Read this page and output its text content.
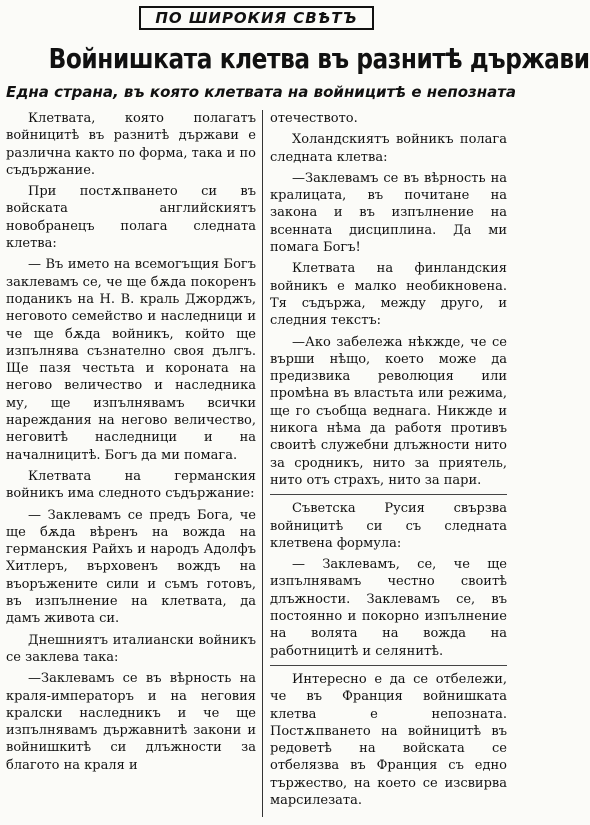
ПО ШИРОКИЯ СВѢТЪ
Войнишката клетва въ разнитѣ държави
Една страна, въ която клетвата на войницитѣ е непозната

Клетвата, която полагатъ войницитѣ въ разнитѣ държави е различна както по форма, така и по съдържание.

При постѫпването си въ войската английскиятъ новобранецъ полага следната клетва:

— Въ името на всемогъщия Богъ заклевамъ се, че ще бѫда покоренъ поданикъ на Н. В. краль Джорджъ, неговото семейство и наследници и че ще бѫда войникъ, който ще изпълнява съзнателно своя дългъ. Ще пазя честьта и короната на негово величество и наследника му, ще изпълнявамъ всички нареждания на негово величество, неговитѣ наследници и на началницитѣ. Богъ да ми помага.

Клетвата на германския войникъ има следното съдържание:

— Заклевамъ се предъ Бога, че ще бѫда вѣренъ на вожда на германския Райхъ и народъ Адолфъ Хитлеръ, върховенъ вождъ на въоръжените сили и съмъ готовъ, въ изпълнение на клетвата, да дамъ живота си.

Днешниятъ италиански войникъ се заклева така:

—Заклевамъ се въ вѣрность на краля-императоръ и на неговия кралски наследникъ и че ще изпълнявамъ държавнитѣ закони и войнишкитѣ си длъжности за благото на краля и

отечеството.

Холандскиятъ войникъ полага следната клетва:

—Заклевамъ се въ вѣрность на кралицата, въ почитане на закона и въ изпълнение на всенната дисциплина. Да ми помага Богъ!

Клетвата на финландския войникъ е малко необикновена. Тя съдържа, между друго, и следния текстъ:

—Ако забележа нѣкжде, че се върши нѣщо, което може да предизвика революция или промѣна въ властьта или режима, ще го съобща веднага. Никжде и никога нѣма да работя противъ своитѣ служебни длъжности нито за сродникъ, нито за приятель, нито отъ страхъ, нито за пари.

Съветска Русия свързва войницитѣ си съ следната клетвена формула:

— Заклевамъ, се, че ще изпълнявамъ честно своитѣ длъжности. Заклевамъ се, въ постоянно и покорно изпълнение на волята на вожда на работницитѣ и селянитѣ.

Интересно е да се отбележи, че въ Франция войнишката клетва е непозната. Постѫпването на войницитѣ въ редоветѣ на войската се отбелязва въ Франция съ едно тържество, на което се изсвирва марсилезата.
